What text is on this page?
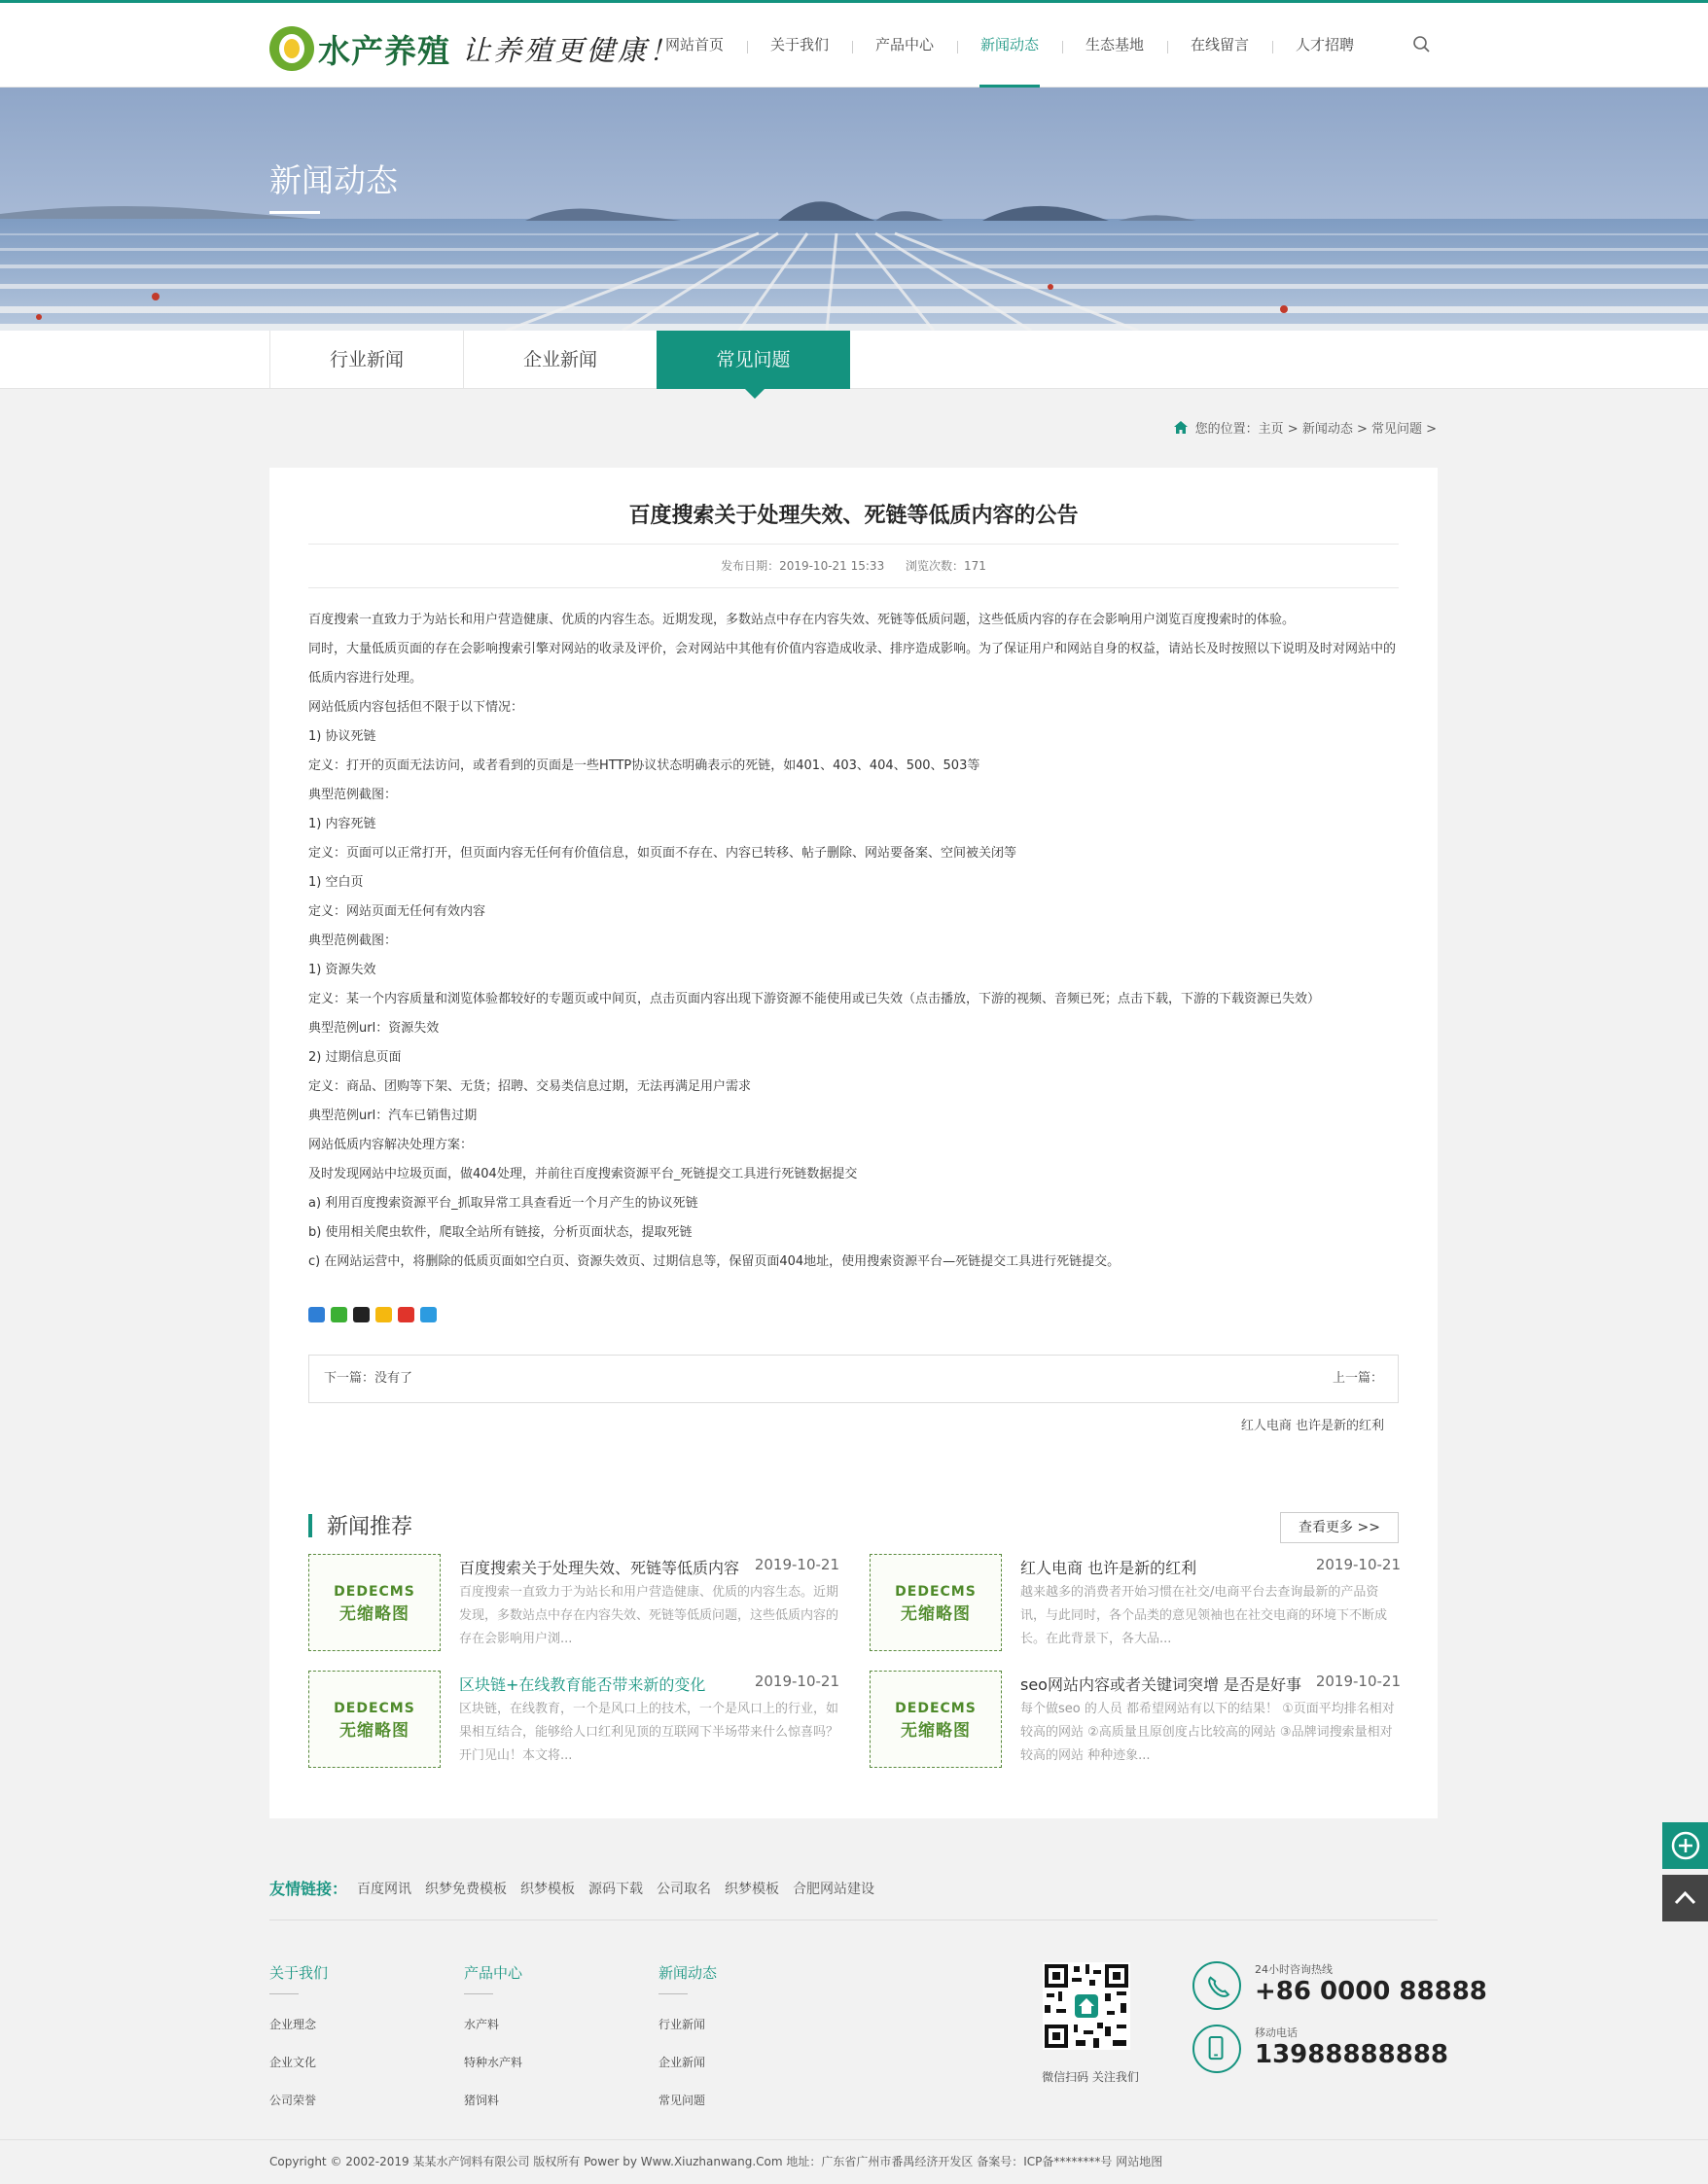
水产养殖 让养殖更健康！
网站首页	关于我们	产品中心	新闻动态	生态基地	在线留言	人才招聘
新闻动态
行业新闻	企业新闻	常见问题
您的位置：主页 > 新闻动态 > 常见问题 >
百度搜索关于处理失效、死链等低质内容的公告
发布日期：2019-10-21 15:33 浏览次数：171

百度搜索一直致力于为站长和用户营造健康、优质的内容生态。近期发现，多数站点中存在内容失效、死链等低质问题，这些低质内容的存在会影响用户浏览百度搜索时的体验。

同时，大量低质页面的存在会影响搜索引擎对网站的收录及评价，会对网站中其他有价值内容造成收录、排序造成影响。为了保证用户和网站自身的权益，请站长及时按照以下说明及时对网站中的低质内容进行处理。

网站低质内容包括但不限于以下情况：

1) 协议死链

定义：打开的页面无法访问，或者看到的页面是一些HTTP协议状态明确表示的死链，如401、403、404、500、503等

典型范例截图：

1) 内容死链

定义：页面可以正常打开，但页面内容无任何有价值信息，如页面不存在、内容已转移、帖子删除、网站要备案、空间被关闭等

1) 空白页

定义：网站页面无任何有效内容

典型范例截图：

1) 资源失效

定义：某一个内容质量和浏览体验都较好的专题页或中间页，点击页面内容出现下游资源不能使用或已失效（点击播放，下游的视频、音频已死；点击下载，下游的下载资源已失效）

典型范例url：资源失效

2) 过期信息页面

定义：商品、团购等下架、无货；招聘、交易类信息过期，无法再满足用户需求

典型范例url：汽车已销售过期

网站低质内容解决处理方案：

及时发现网站中垃圾页面，做404处理，并前往百度搜索资源平台_死链提交工具进行死链数据提交

a) 利用百度搜索资源平台_抓取异常工具查看近一个月产生的协议死链

b) 使用相关爬虫软件，爬取全站所有链接，分析页面状态，提取死链

c) 在网站运营中，将删除的低质页面如空白页、资源失效页、过期信息等，保留页面404地址，使用搜索资源平台—死链提交工具进行死链提交。

下一篇：没有了	上一篇：
红人电商 也许是新的红利
新闻推荐	查看更多 >>
DEDECMS
无缩略图
百度搜索关于处理失效、死链等低质内容	2019-10-21
百度搜索一直致力于为站长和用户营造健康、优质的内容生态。近期发现，多数站点中存在内容失效、死链等低质问题，这些低质内容的存在会影响用户浏...
DEDECMS
无缩略图
红人电商 也许是新的红利	2019-10-21
越来越多的消费者开始习惯在社交/电商平台去查询最新的产品资讯，与此同时，各个品类的意见领袖也在社交电商的环境下不断成长。在此背景下，各大品...
DEDECMS
无缩略图
区块链+在线教育能否带来新的变化	2019-10-21
区块链，在线教育，一个是风口上的技术，一个是风口上的行业，如果相互结合，能够给人口红利见顶的互联网下半场带来什么惊喜吗？ 开门见山！本文将...
DEDECMS
无缩略图
seo网站内容或者关键词突增 是否是好事 2019-10-21
每个做seo 的人员 都希望网站有以下的结果！ ①页面平均排名相对较高的网站 ②高质量且原创度占比较高的网站 ③品牌词搜索量相对较高的网站 种种迹象...
友情链接： 百度网讯 织梦免费模板 织梦模板 源码下载 公司取名 织梦模板 合肥网站建设
关于我们
企业理念
企业文化
公司荣誉
产品中心
水产料
特种水产料
猪饲料
新闻动态
行业新闻
企业新闻
常见问题
微信扫码 关注我们
24小时咨询热线
+86 0000 88888
移动电话
13988888888
Copyright © 2002-2019 某某水产饲料有限公司 版权所有 Power by Www.Xiuzhanwang.Com 地址：广东省广州市番禺经济开发区 备案号：ICP备********号 网站地图
